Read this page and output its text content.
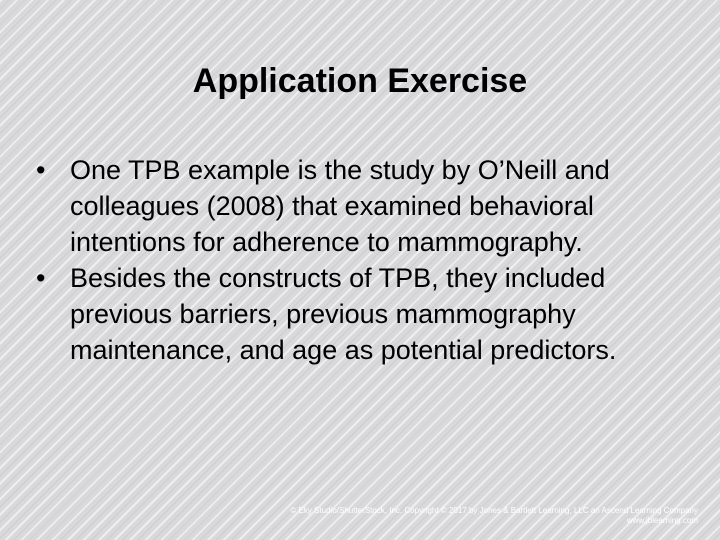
Application Exercise
• One TPB example is the study by O’Neill and colleagues (2008) that examined behavioral intentions for adherence to mammography.
• Besides the constructs of TPB, they included previous barriers, previous mammography maintenance, and age as potential predictors.
© Eky Studio/ShutterStock, Inc. Copyright © 2017 by Jones & Bartlett Learning, LLC an Ascend Learning Company
www.jblearning.com
